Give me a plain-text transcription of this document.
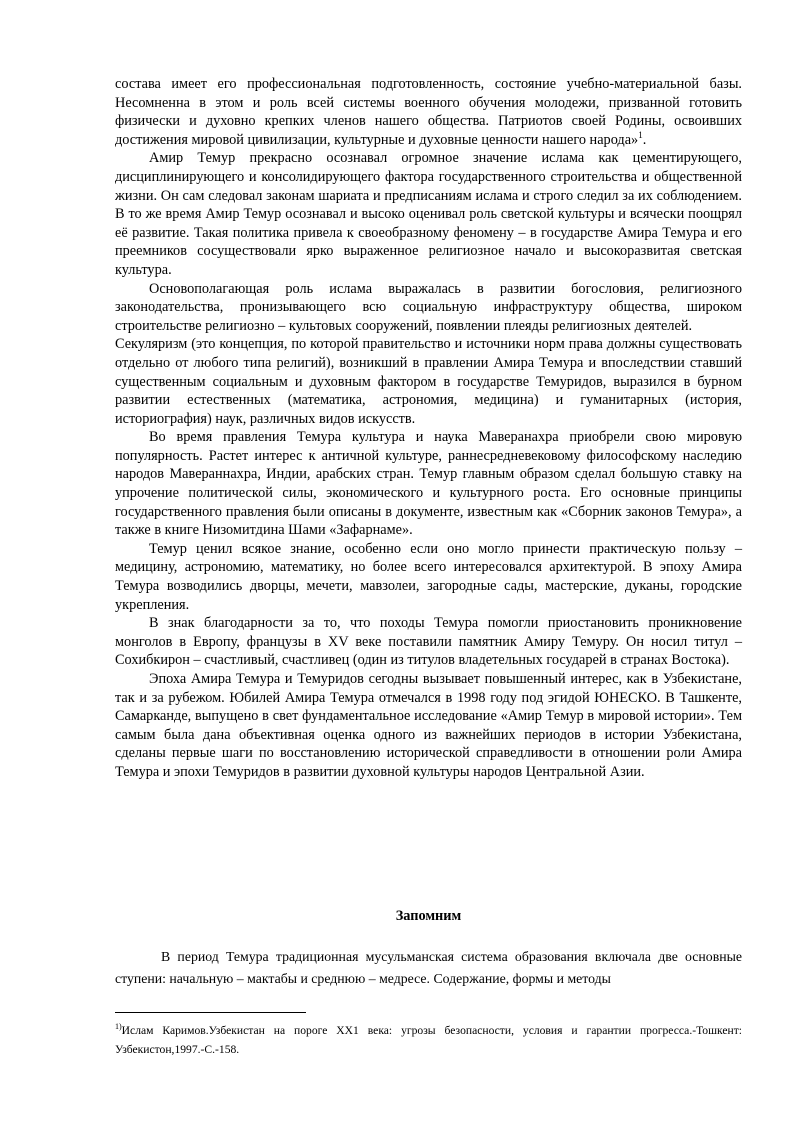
состава имеет его профессиональная подготовленность, состояние учебно-материальной базы. Несомненна в этом и роль всей системы военного обучения молодежи, призванной готовить физически и духовно крепких членов нашего общества. Патриотов своей Родины, освоивших достижения мировой цивилизации, культурные и духовные ценности нашего народа»$^1$.

Амир Темур прекрасно осознавал огромное значение ислама как цементирующего, дисциплинирующего и консолидирующего фактора государственного строительства и общественной жизни. Он сам следовал законам шариата и предписаниям ислама и строго следил за их соблюдением. В то же время Амир Темур осознавал и высоко оценивал роль светской культуры и всячески поощрял её развитие. Такая политика привела к своеобразному феномену – в государстве Амира Темура и его преемников сосуществовали ярко выраженное религиозное начало и высокоразвитая светская культура.

Основополагающая роль ислама выражалась в развитии богословия, религиозного законодательства, пронизывающего всю социальную инфраструктуру общества, широком строительстве религиозно – культовых сооружений, появлении плеяды религиозных деятелей.

Секуляризм (это концепция, по которой правительство и источники норм права должны существовать отдельно от любого типа религий), возникший в правлении Амира Темура и впоследствии ставший существенным социальным и духовным фактором в государстве Темуридов, выразился в бурном развитии естественных (математика, астрономия, медицина) и гуманитарных (история, историография) наук, различных видов искусств.

Во время правления Темура культура и наука Маверанахра приобрели свою мировую популярность. Растет интерес к античной культуре, раннесредневековому философскому наследию народов Мавераннахра, Индии, арабских стран. Темур главным образом сделал большую ставку на упрочение политической силы, экономического и культурного роста. Его основные принципы государственного правления были описаны в документе, известным как «Сборник законов Темура», а также в книге Низомитдина Шами «Зафарнаме».

Темур ценил всякое знание, особенно если оно могло принести практическую пользу – медицину, астрономию, математику, но более всего интересовался архитектурой. В эпоху Амира Темура возводились дворцы, мечети, мавзолеи, загородные сады, мастерские, дуканы, городские укрепления.

В знак благодарности за то, что походы Темура помогли приостановить проникновение монголов в Европу, французы в XV веке поставили памятник Амиру Темуру. Он носил титул – Сохибкирон – счастливый, счастливец (один из титулов владетельных государей в странах Востока).

Эпоха Амира Темура и Темуридов сегодны вызывает повышенный интерес, как в Узбекистане, так и за рубежом. Юбилей Амира Темура отмечался в 1998 году под эгидой ЮНЕСКО. В Ташкенте, Самарканде, выпущено в свет фундаментальное исследование «Амир Темур в мировой истории». Тем самым была дана объективная оценка одного из важнейших периодов в истории Узбекистана, сделаны первые шаги по восстановлению исторической справедливости в отношении роли Амира Темура и эпохи Темуридов в развитии духовной культуры народов Центральной Азии.

Запомним

В период Темура традиционная мусульманская система образования включала две основные ступени: начальную – мактабы и среднюю – медресе. Содержание, формы и методы

$^{1)}$Ислам Каримов.Узбекистан на пороге ХХ1 века: угрозы безопасности, условия и гарантии прогресса.-Тошкент: Узбекистон,1997.-С.-158.
